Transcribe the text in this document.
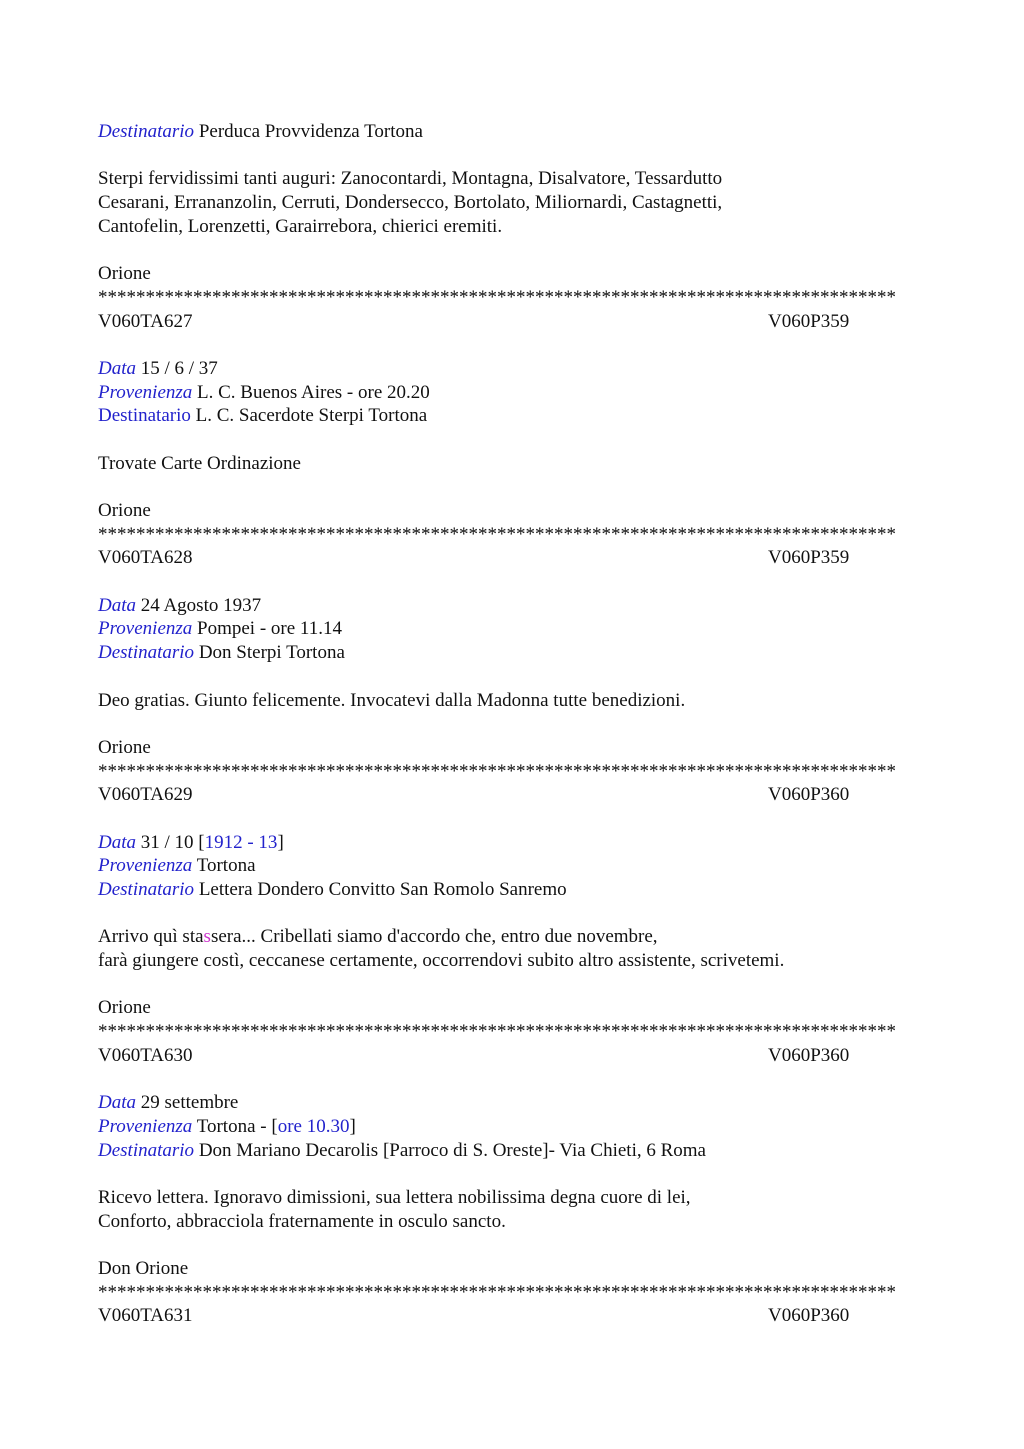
Destinatario Perduca Provvidenza Tortona
Sterpi fervidissimi tanti auguri: Zanocontardi, Montagna, Disalvatore, Tessardutto
Cesarani, Errananzolin, Cerruti, Dondersecco, Bortolato, Miliornardi, Castagnetti,
Cantofelin, Lorenzetti, Garairrebora, chierici eremiti.
Orione
************************************************************************************
V060TA627	V060P359
Data 15 / 6 / 37
Provenienza L. C. Buenos Aires - ore 20.20
Destinatario L. C. Sacerdote Sterpi Tortona
Trovate Carte Ordinazione
Orione
************************************************************************************
V060TA628	V060P359
Data 24 Agosto 1937
Provenienza Pompei - ore 11.14
Destinatario Don Sterpi Tortona
Deo gratias. Giunto felicemente. Invocatevi dalla Madonna tutte benedizioni.
Orione
************************************************************************************
V060TA629	V060P360
Data 31 / 10 [1912 - 13]
Provenienza Tortona
Destinatario Lettera Dondero Convitto San Romolo Sanremo
Arrivo quì stassera... Cribellati siamo d'accordo che, entro due novembre,
farà giungere costì, ceccanese certamente, occorrendovi subito altro assistente, scrivetemi.
Orione
************************************************************************************
V060TA630	V060P360
Data 29 settembre
Provenienza Tortona - [ore 10.30]
Destinatario Don Mariano Decarolis [Parroco di S. Oreste]- Via Chieti, 6 Roma
Ricevo lettera. Ignoravo dimissioni, sua lettera nobilissima degna cuore di lei,
Conforto, abbracciola fraternamente in osculo sancto.
Don Orione
************************************************************************************
V060TA631	V060P360
